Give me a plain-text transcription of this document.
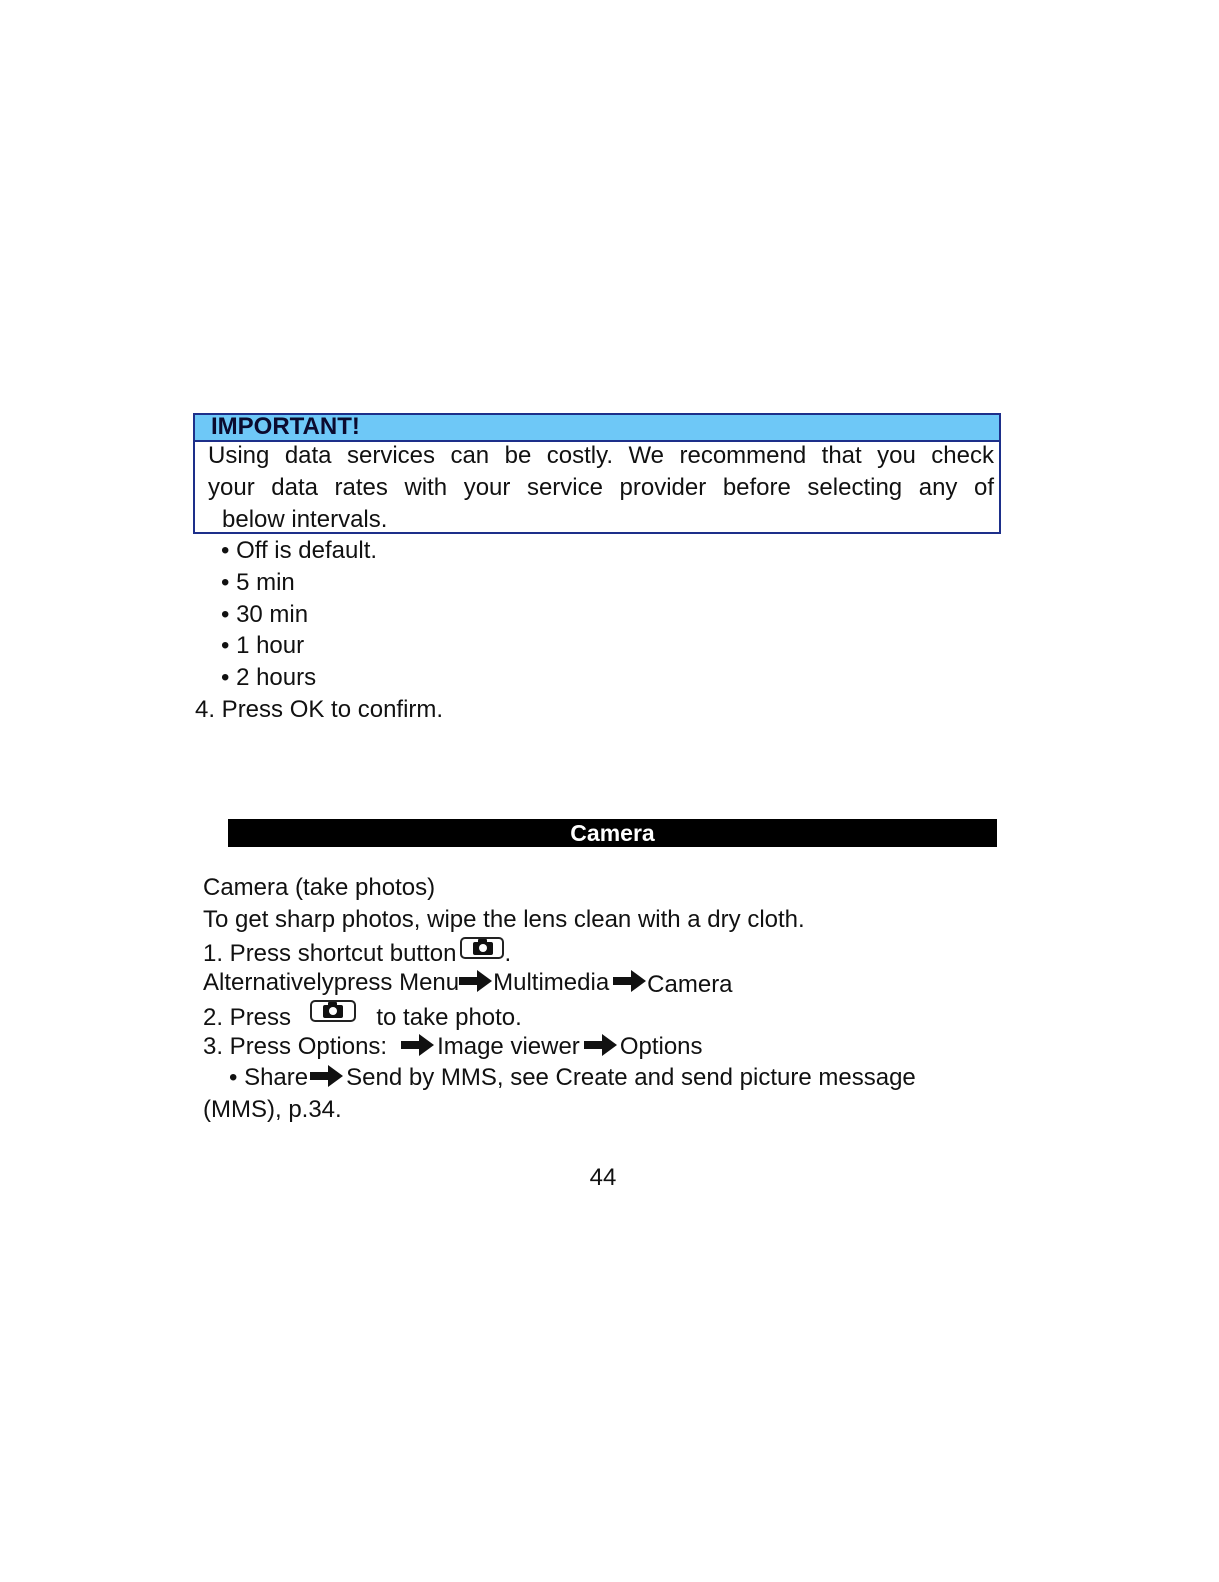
IMPORTANT!
Using data services can be costly. We recommend that you check
your data rates with your service provider before selecting any of
below intervals.
• Off is default.
• 5 min
• 30 min
• 1 hour
• 2 hours
4. Press OK to confirm.
Camera
Camera (take photos)
To get sharp photos, wipe the lens clean with a dry cloth.
1. Press shortcut button .
Alternativelypress Menu Multimedia Camera
2. Press	to take photo.
3. Press Options: Image viewer Options
• Share Send by MMS, see Create and send picture message
(MMS), p.34.
44
